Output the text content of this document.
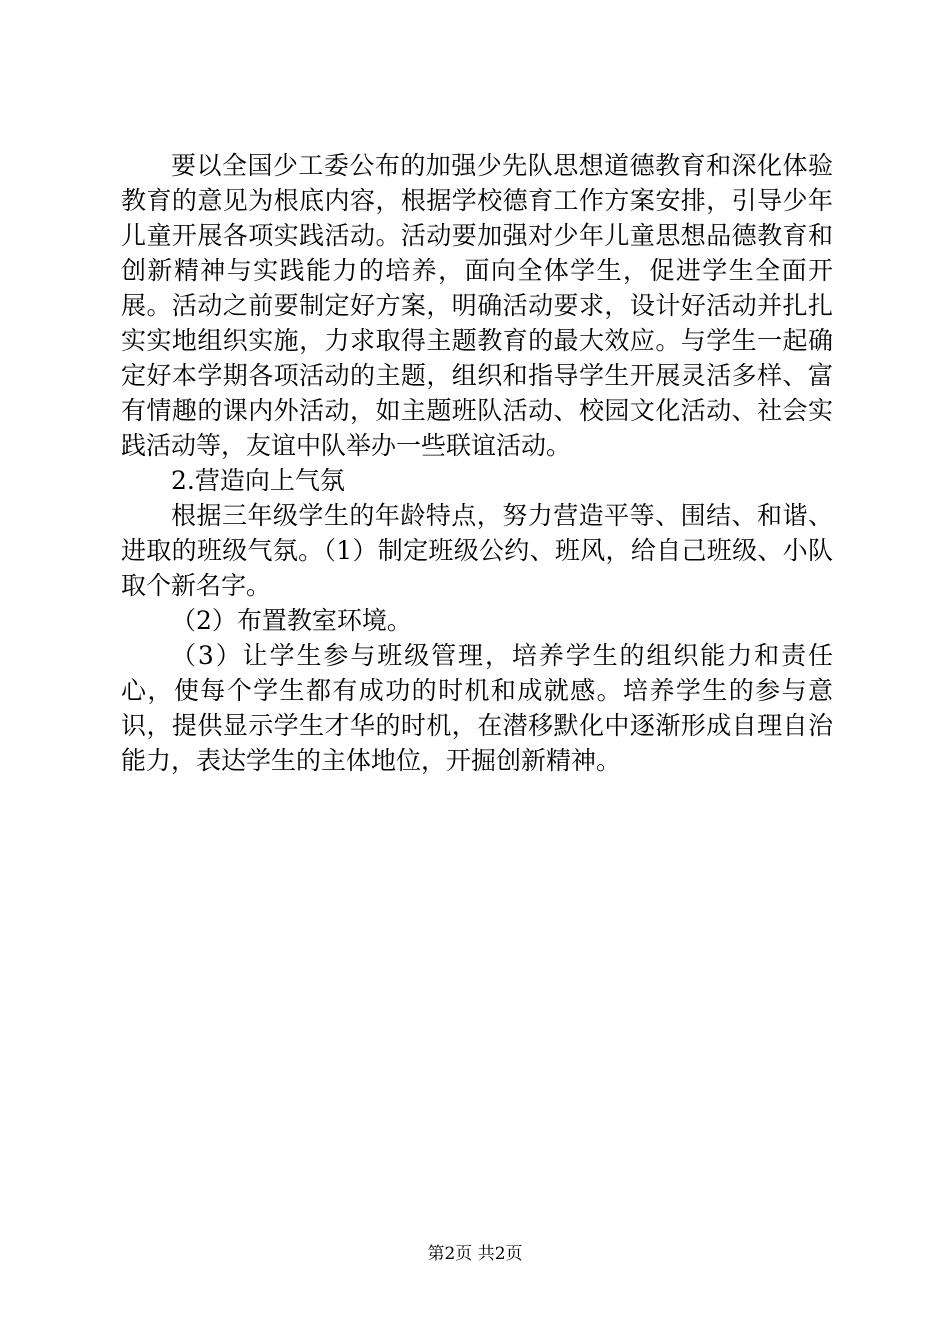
要以全国少工委公布的加强少先队思想道德教育和深化体验教育的意见为根底内容，根据学校德育工作方案安排，引导少年儿童开展各项实践活动。活动要加强对少年儿童思想品德教育和创新精神与实践能力的培养，面向全体学生，促进学生全面开展。活动之前要制定好方案，明确活动要求，设计好活动并扎扎实实地组织实施，力求取得主题教育的最大效应。与学生一起确定好本学期各项活动的主题，组织和指导学生开展灵活多样、富有情趣的课内外活动，如主题班队活动、校园文化活动、社会实践活动等，友谊中队举办一些联谊活动。

2.营造向上气氛

根据三年级学生的年龄特点，努力营造平等、围结、和谐、进取的班级气氛。（1）制定班级公约、班风，给自己班级、小队取个新名字。

（2）布置教室环境。

（3）让学生参与班级管理，培养学生的组织能力和责任心，使每个学生都有成功的时机和成就感。培养学生的参与意识，提供显示学生才华的时机，在潜移默化中逐渐形成自理自治能力，表达学生的主体地位，开掘创新精神。

第2页 共2页
